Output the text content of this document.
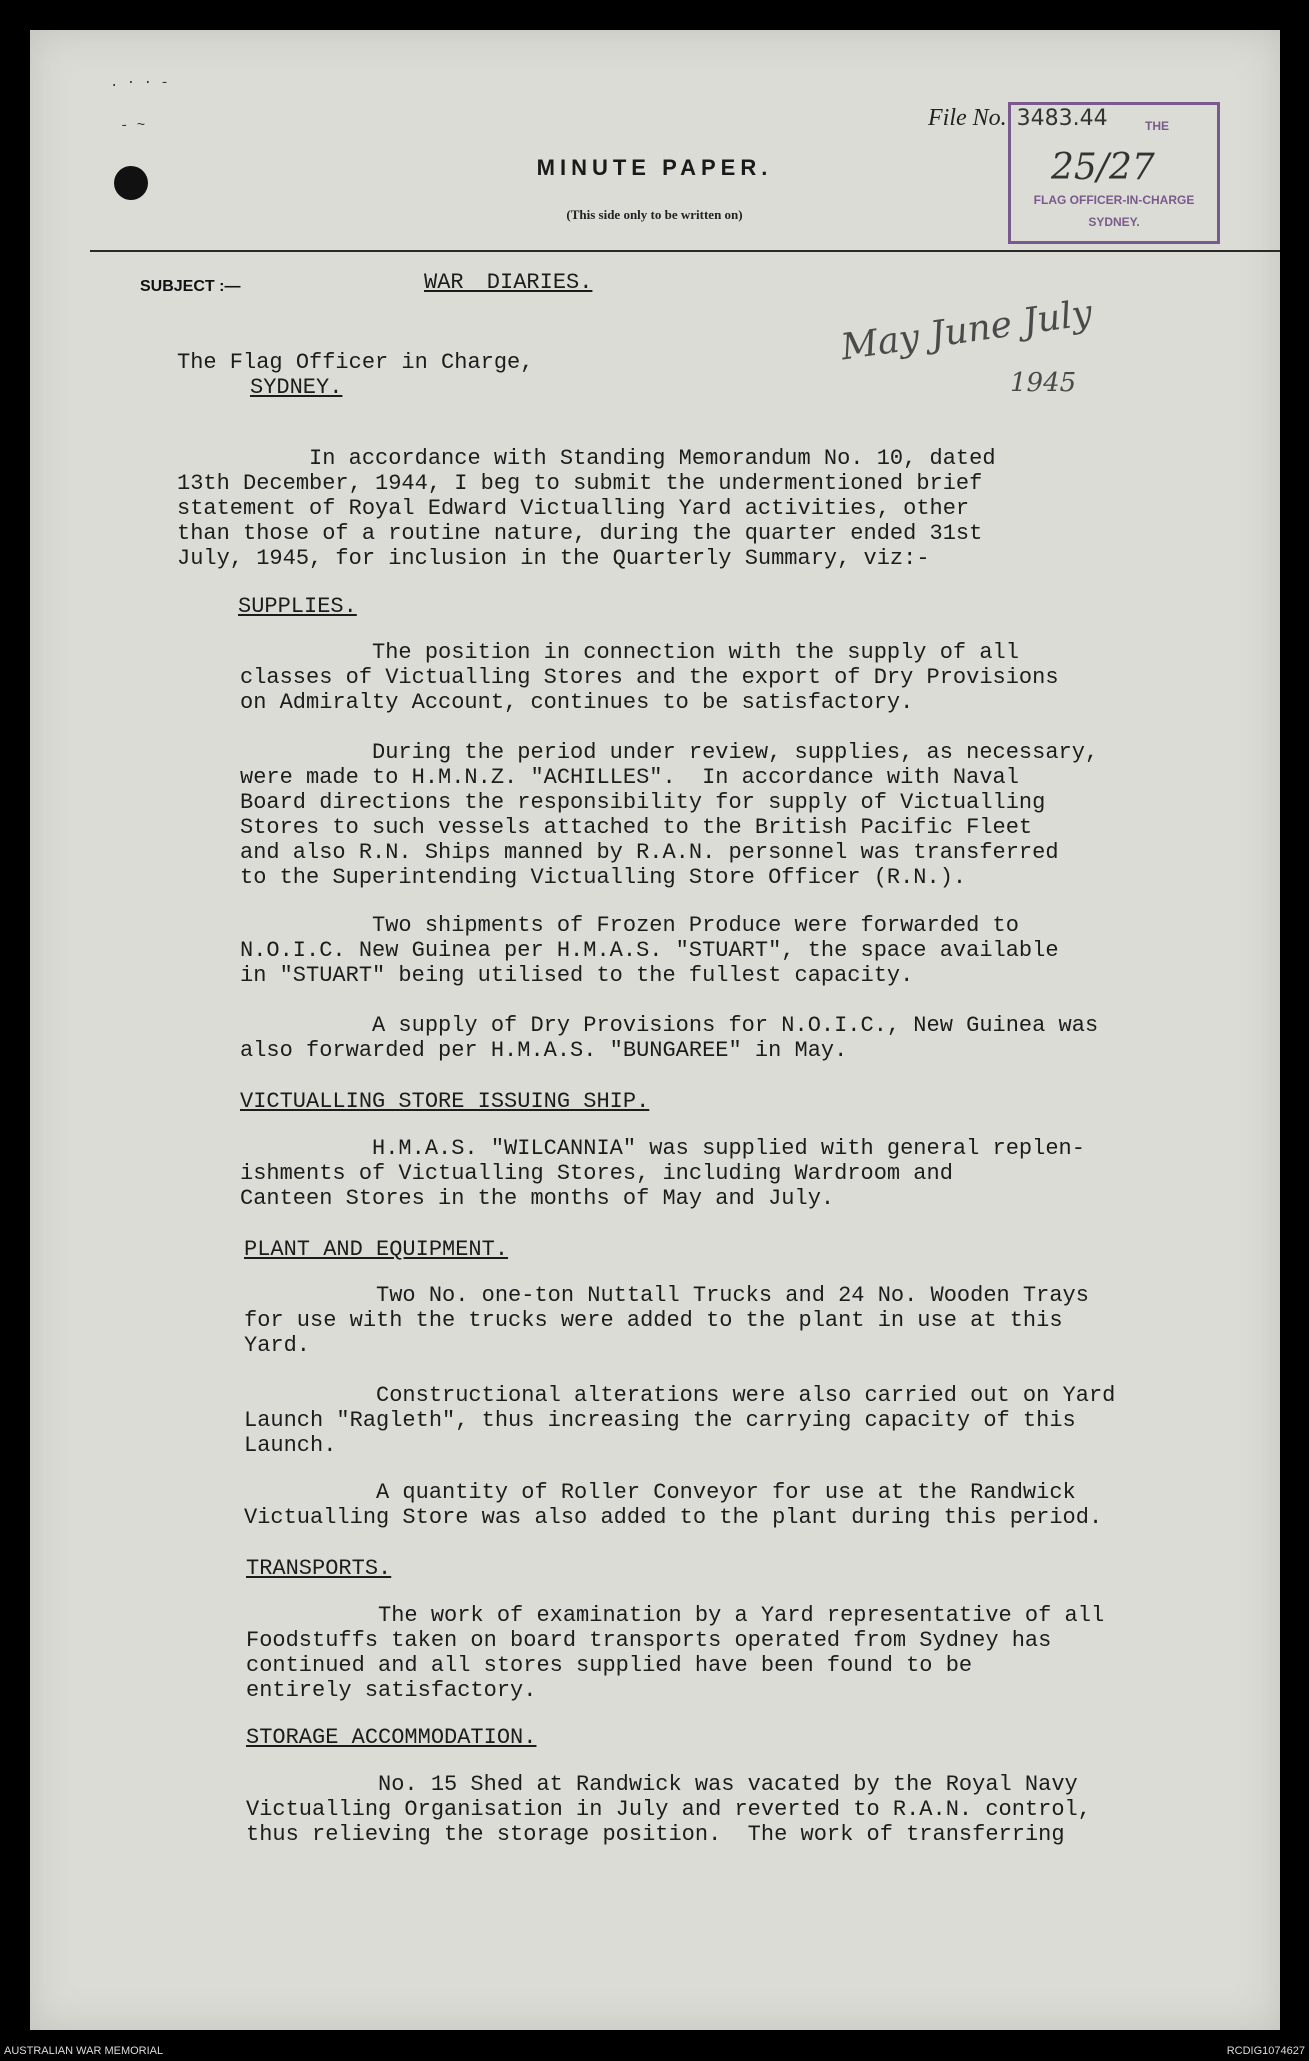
. · · -
- ~	File No. 3483.44	THE
25/27
FLAG OFFICER-IN-CHARGE
SYDNEY.
MINUTE PAPER.
(This side only to be written on)
SUBJECT :—	WAR DIARIES.
May June July
1945
The Flag Officer in Charge,
SYDNEY.
In accordance with Standing Memorandum No. 10, dated
13th December, 1944, I beg to submit the undermentioned brief
statement of Royal Edward Victualling Yard activities, other
than those of a routine nature, during the quarter ended 31st
July, 1945, for inclusion in the Quarterly Summary, viz:-
SUPPLIES.
The position in connection with the supply of all
classes of Victualling Stores and the export of Dry Provisions
on Admiralty Account, continues to be satisfactory.
During the period under review, supplies, as necessary,
were made to H.M.N.Z. "ACHILLES".  In accordance with Naval
Board directions the responsibility for supply of Victualling
Stores to such vessels attached to the British Pacific Fleet
and also R.N. Ships manned by R.A.N. personnel was transferred
to the Superintending Victualling Store Officer (R.N.).
Two shipments of Frozen Produce were forwarded to
N.O.I.C. New Guinea per H.M.A.S. "STUART", the space available
in "STUART" being utilised to the fullest capacity.
A supply of Dry Provisions for N.O.I.C., New Guinea was
also forwarded per H.M.A.S. "BUNGAREE" in May.
VICTUALLING STORE ISSUING SHIP.
H.M.A.S. "WILCANNIA" was supplied with general replen-
ishments of Victualling Stores, including Wardroom and
Canteen Stores in the months of May and July.
PLANT AND EQUIPMENT.
Two No. one-ton Nuttall Trucks and 24 No. Wooden Trays
for use with the trucks were added to the plant in use at this
Yard.
Constructional alterations were also carried out on Yard
Launch "Ragleth", thus increasing the carrying capacity of this
Launch.
A quantity of Roller Conveyor for use at the Randwick
Victualling Store was also added to the plant during this period.
TRANSPORTS.
The work of examination by a Yard representative of all
Foodstuffs taken on board transports operated from Sydney has
continued and all stores supplied have been found to be
entirely satisfactory.
STORAGE ACCOMMODATION.
No. 15 Shed at Randwick was vacated by the Royal Navy
Victualling Organisation in July and reverted to R.A.N. control,
thus relieving the storage position.  The work of transferring
AUSTRALIAN WAR MEMORIAL	RCDIG1074627
